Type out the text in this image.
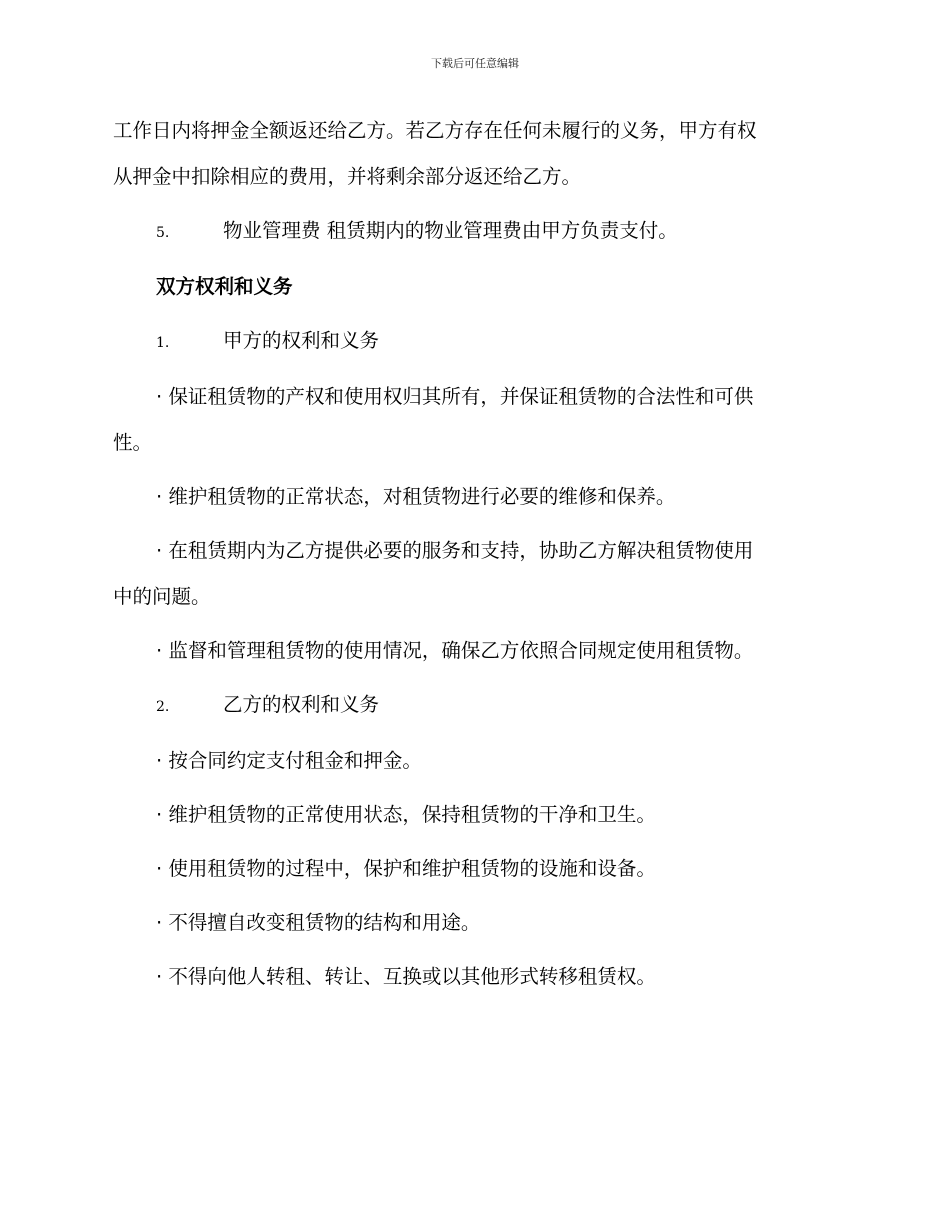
下载后可任意编辑
工作日内将押金全额返还给乙方。若乙方存在任何未履行的义务，甲方有权
从押金中扣除相应的费用，并将剩余部分返还给乙方。
5.	物业管理费 租赁期内的物业管理费由甲方负责支付。
双方权利和义务
1.	甲方的权利和义务
· 保证租赁物的产权和使用权归其所有，并保证租赁物的合法性和可供
性。
· 维护租赁物的正常状态，对租赁物进行必要的维修和保养。
· 在租赁期内为乙方提供必要的服务和支持，协助乙方解决租赁物使用
中的问题。
· 监督和管理租赁物的使用情况，确保乙方依照合同规定使用租赁物。
2.	乙方的权利和义务
· 按合同约定支付租金和押金。
· 维护租赁物的正常使用状态，保持租赁物的干净和卫生。
· 使用租赁物的过程中，保护和维护租赁物的设施和设备。
· 不得擅自改变租赁物的结构和用途。
· 不得向他人转租、转让、互换或以其他形式转移租赁权。
